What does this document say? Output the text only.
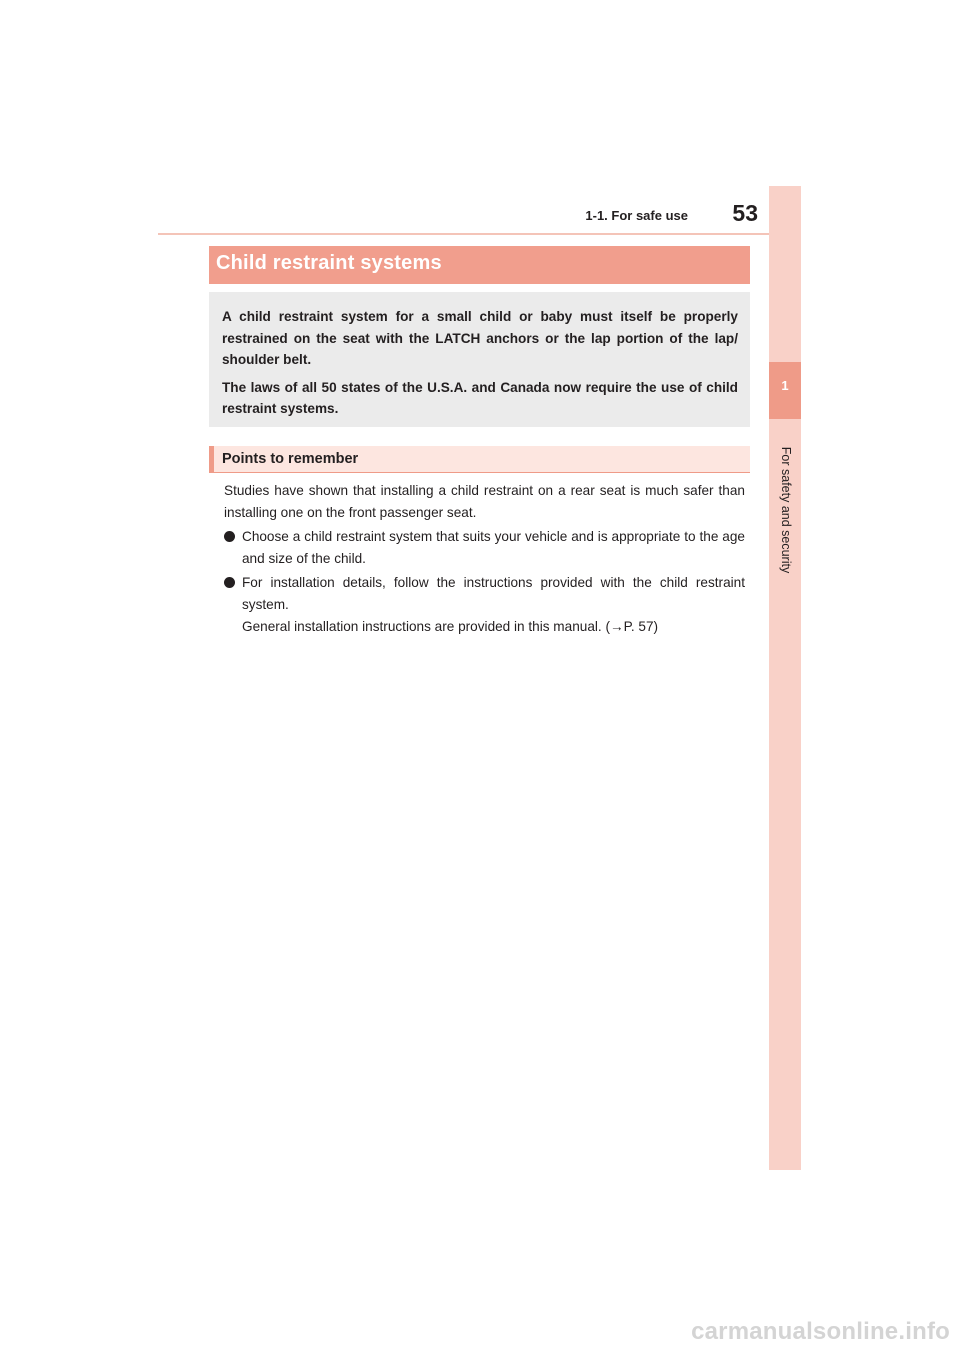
1-1. For safe use	53
1
For safety and security
Child restraint systems

A child restraint system for a small child or baby must itself be properly restrained on the seat with the LATCH anchors or the lap portion of the lap/ shoulder belt.

The laws of all 50 states of the U.S.A. and Canada now require the use of child restraint systems.

Points to remember

Studies have shown that installing a child restraint on a rear seat is much safer than installing one on the front passenger seat.

Choose a child restraint system that suits your vehicle and is appropriate to the age and size of the child.
For installation details, follow the instructions provided with the child restraint system.
General installation instructions are provided in this manual. (→P. 57)
carmanualsonline.info
